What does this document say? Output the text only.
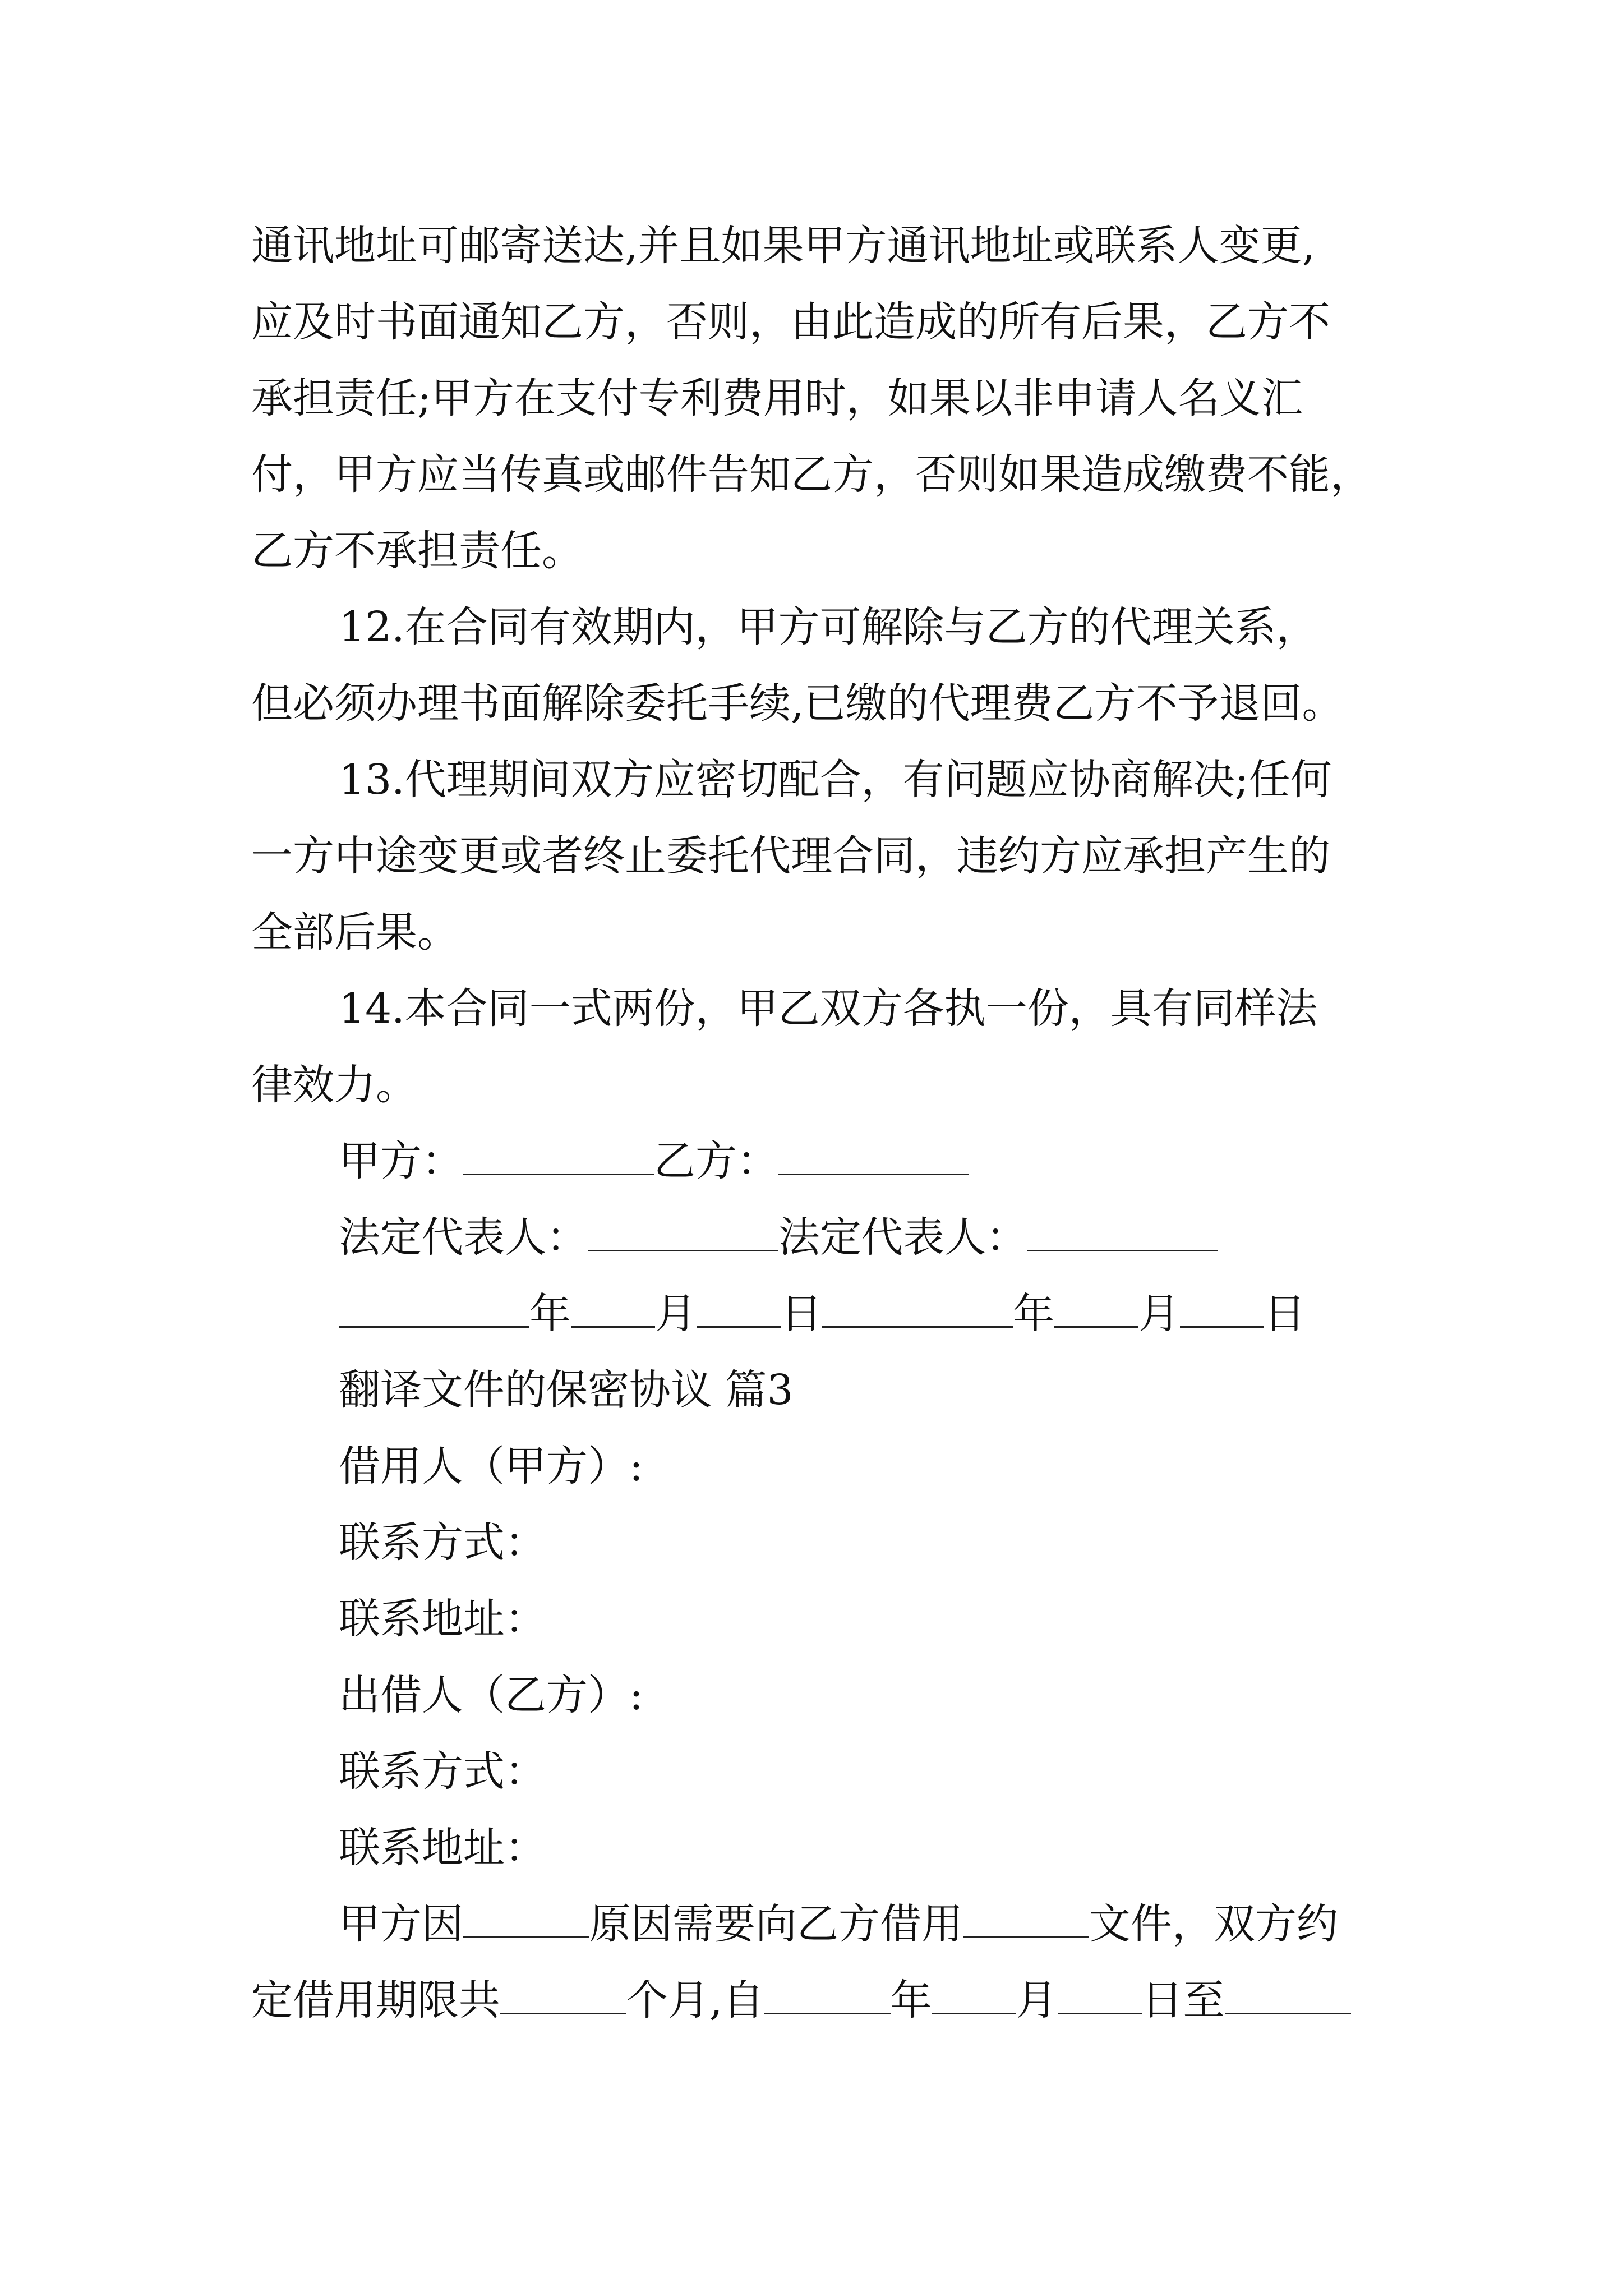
通讯地址可邮寄送达,并且如果甲方通讯地址或联系人变更,
应及时书面通知乙方，否则，由此造成的所有后果，乙方不
承担责任;甲方在支付专利费用时，如果以非申请人名义汇
付，甲方应当传真或邮件告知乙方，否则如果造成缴费不能，
乙方不承担责任。
12.在合同有效期内，甲方可解除与乙方的代理关系，
但必须办理书面解除委托手续,已缴的代理费乙方不予退回。
13.代理期间双方应密切配合，有问题应协商解决;任何
一方中途变更或者终止委托代理合同，违约方应承担产生的
全部后果。
14.本合同一式两份，甲乙双方各执一份，具有同样法
律效力。
甲方：	乙方：
法定代表人：	法定代表人：
年 月 日	年 月 日
翻译文件的保密协议 篇3
借用人（甲方）:
联系方式：
联系地址：
出借人（乙方）:
联系方式：
联系地址：
甲方因	原因需要向乙方借用	文件，双方约
定借用期限共	个月,自	年 月 日至
